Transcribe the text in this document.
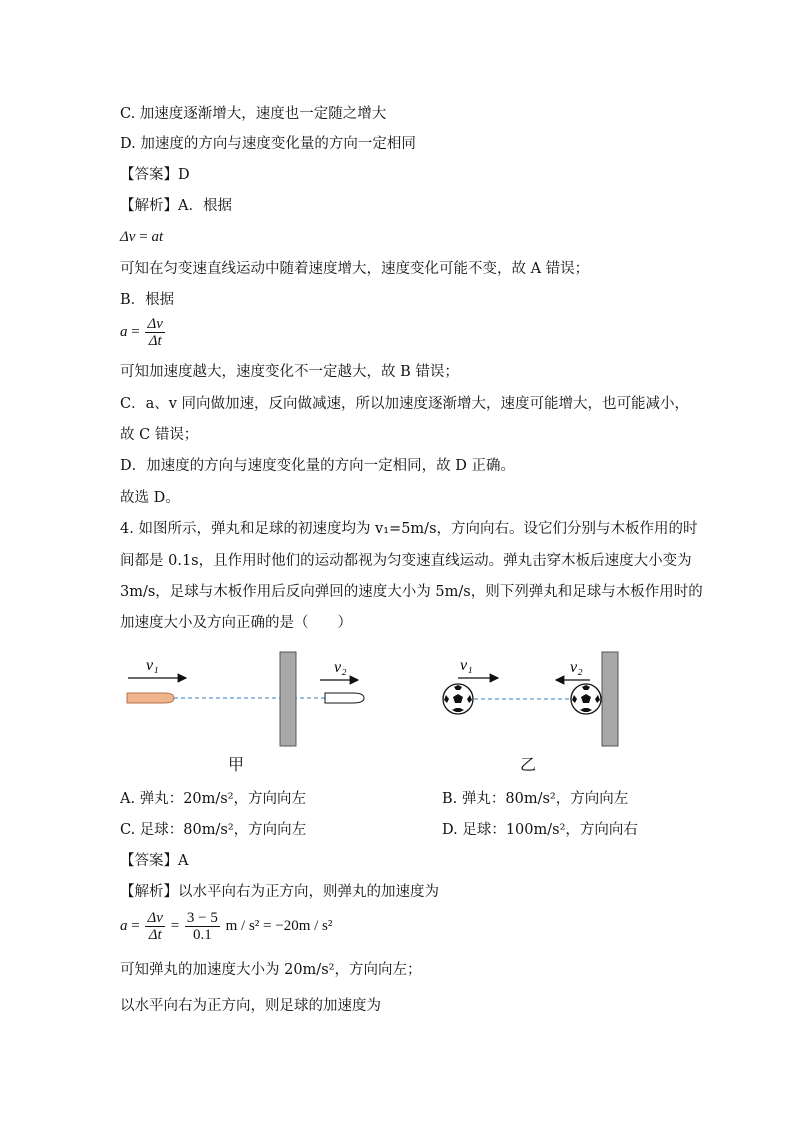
C. 加速度逐渐增大，速度也一定随之增大
D. 加速度的方向与速度变化量的方向一定相同
【答案】D
【解析】A．根据
Δv = at
可知在匀变速直线运动中随着速度增大，速度变化可能不变，故 A 错误；
B．根据
$a = \frac{\Delta v}{\Delta t}$
可知加速度越大，速度变化不一定越大，故 B 错误；
C．a、v 同向做加速，反向做减速，所以加速度逐渐增大，速度可能增大，也可能减小，
故 C 错误；
D．加速度的方向与速度变化量的方向一定相同，故 D 正确。
故选 D。
4. 如图所示，弹丸和足球的初速度均为 v₁=5m/s，方向向右。设它们分别与木板作用的时
间都是 0.1s，且作用时他们的运动都视为匀变速直线运动。弹丸击穿木板后速度大小变为
3m/s，足球与木板作用后反向弹回的速度大小为 5m/s，则下列弹丸和足球与木板作用时的
加速度大小及方向正确的是（　　）
v₁	v₂	v₁	v₂
甲	乙
A. 弹丸：20m/s²，方向向左	B. 弹丸：80m/s²，方向向左
C. 足球：80m/s²，方向向左	D. 足球：100m/s²，方向向右
【答案】A
【解析】以水平向右为正方向，则弹丸的加速度为
$a = \frac{\Delta v}{\Delta t} = \frac{3 - 5}{0.1}$ m / s² = −20m / s²
可知弹丸的加速度大小为 20m/s²，方向向左；
以水平向右为正方向，则足球的加速度为
